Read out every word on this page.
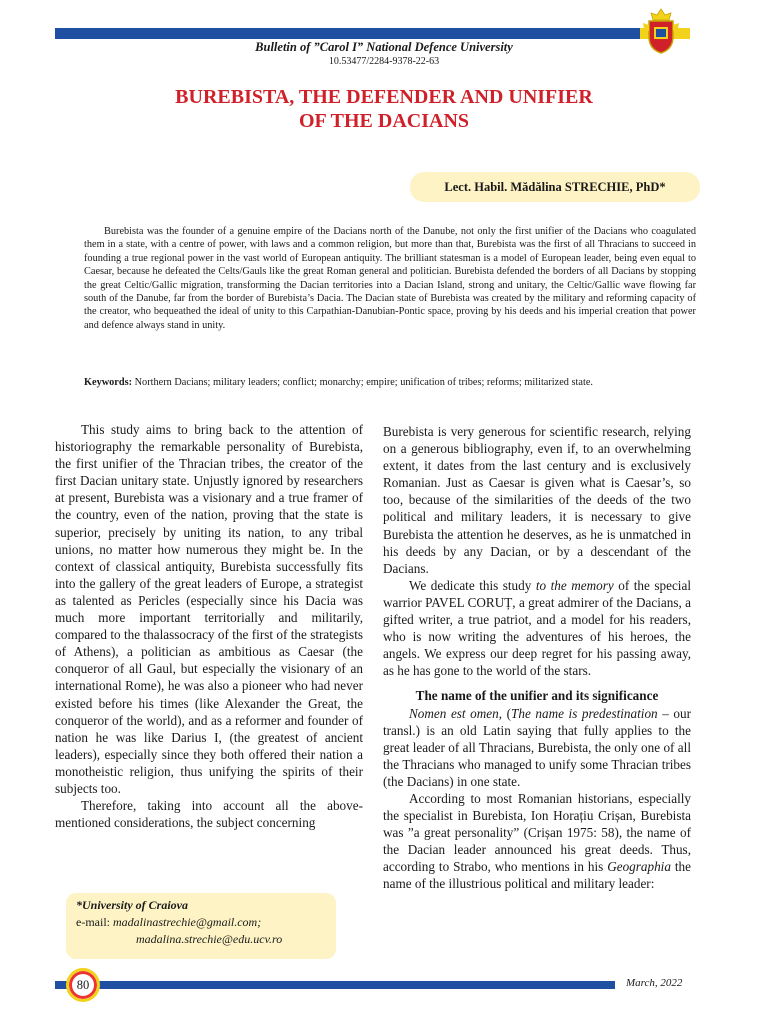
Bulletin of ”Carol I” National Defence University
10.53477/2284-9378-22-63
BUREBISTA, THE DEFENDER AND UNIFIER
OF THE DACIANS
Lect. Habil. Mădălina STRECHIE, PhD*

Burebista was the founder of a genuine empire of the Dacians north of the Danube, not only the first unifier of the Dacians who coagulated them in a state, with a centre of power, with laws and a common religion, but more than that, Burebista was the first of all Thracians to succeed in founding a true regional power in the vast world of European antiquity. The brilliant statesman is a model of European leader, being even equal to Caesar, because he defeated the Celts/Gauls like the great Roman general and politician. Burebista defended the borders of all Dacians by stopping the great Celtic/Gallic migration, transforming the Dacian territories into a Dacian Island, strong and unitary, the Celtic/Gallic wave flowing far south of the Danube, far from the border of Burebista’s Dacia. The Dacian state of Burebista was created by the military and reforming capacity of the creator, who bequeathed the ideal of unity to this Carpathian-Danubian-Pontic space, proving by his deeds and his imperial creation that power and defence always stand in unity.

Keywords: Northern Dacians; military leaders; conflict; monarchy; empire; unification of tribes; reforms; militarized state.

This study aims to bring back to the attention of historiography the remarkable personality of Burebista, the first unifier of the Thracian tribes, the creator of the first Dacian unitary state. Unjustly ignored by researchers at present, Burebista was a visionary and a true framer of the country, even of the nation, proving that the state is superior, precisely by uniting its nation, to any tribal unions, no matter how numerous they might be. In the context of classical antiquity, Burebista successfully fits into the gallery of the great leaders of Europe, a strategist as talented as Pericles (especially since his Dacia was much more important territorially and militarily, compared to the thalassocracy of the first of the strategists of Athens), a politician as ambitious as Caesar (the conqueror of all Gaul, but especially the visionary of an international Rome), he was also a pioneer who had never existed before his times (like Alexander the Great, the conqueror of the world), and as a reformer and founder of nation he was like Darius I, (the greatest of ancient leaders), especially since they both offered their nation a monotheistic religion, thus unifying the spirits of their subjects too.

Therefore, taking into account all the above-mentioned considerations, the subject concerning

Burebista is very generous for scientific research, relying on a generous bibliography, even if, to an overwhelming extent, it dates from the last century and is exclusively Romanian. Just as Caesar is given what is Caesar’s, so too, because of the similarities of the deeds of the two political and military leaders, it is necessary to give Burebista the attention he deserves, as he is unmatched in his deeds by any Dacian, or by a descendant of the Dacians.

We dedicate this study to the memory of the special warrior PAVEL CORUȚ, a great admirer of the Dacians, a gifted writer, a true patriot, and a model for his readers, who is now writing the adventures of his heroes, the angels. We express our deep regret for his passing away, as he has gone to the world of the stars.

The name of the unifier and its significance

Nomen est omen, (The name is predestination – our transl.) is an old Latin saying that fully applies to the great leader of all Thracians, Burebista, the only one of all the Thracians who managed to unify some Thracian tribes (the Dacians) in one state.

According to most Romanian historians, especially the specialist in Burebista, Ion Horațiu Crișan, Burebista was ”a great personality” (Crișan 1975: 58), the name of the Dacian leader announced his great deeds. Thus, according to Strabo, who mentions in his Geographia the name of the illustrious political and military leader:

*University of Craiova
e-mail: madalinastrechie@gmail.com;
madalina.strechie@edu.ucv.ro
80	March, 2022
